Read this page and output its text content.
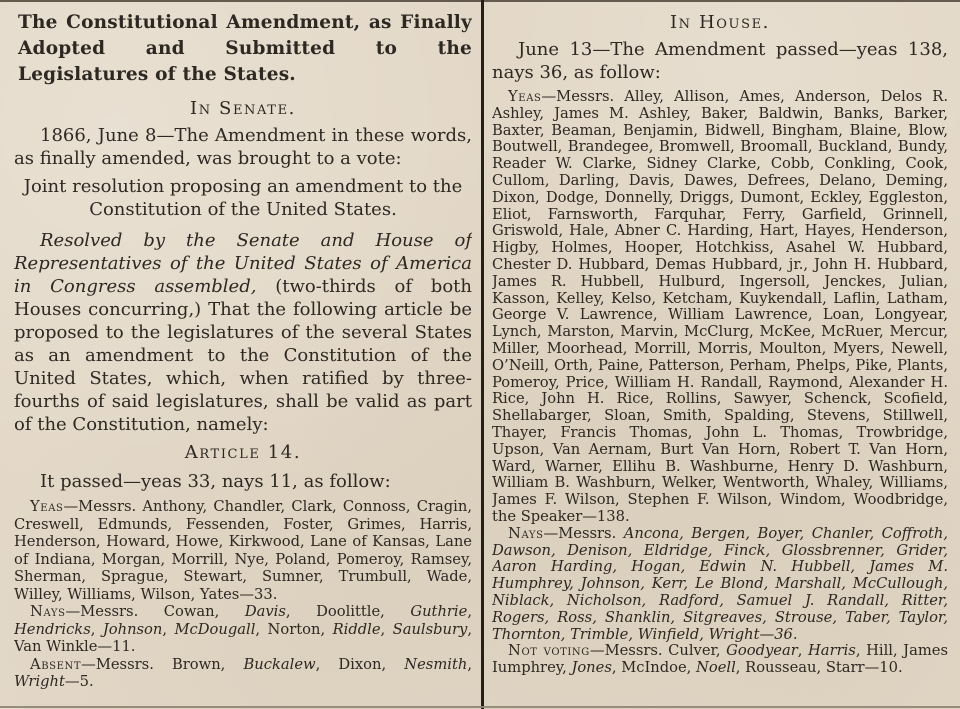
The Constitutional Amendment, as Finally Adopted and Submitted to the Legislatures of the States.
In Senate.

1866, June 8—The Amendment in these words, as finally amended, was brought to a vote:

Joint resolution proposing an amendment to the Constitution of the United States.

Resolved by the Senate and House of Representatives of the United States of America in Congress assembled, (two-thirds of both Houses concurring,) That the following article be proposed to the legislatures of the several States as an amendment to the Constitution of the United States, which, when ratified by three-fourths of said legislatures, shall be valid as part of the Constitution, namely:

Article 14.

It passed—yeas 33, nays 11, as follow:

Yeas—Messrs. Anthony, Chandler, Clark, Connoss, Cragin, Creswell, Edmunds, Fessenden, Foster, Grimes, Harris, Henderson, Howard, Howe, Kirkwood, Lane of Kansas, Lane of Indiana, Morgan, Morrill, Nye, Poland, Pomeroy, Ramsey, Sherman, Sprague, Stewart, Sumner, Trumbull, Wade, Willey, Williams, Wilson, Yates—33.

Nays—Messrs. Cowan, Davis, Doolittle, Guthrie, Hendricks, Johnson, McDougall, Norton, Riddle, Saulsbury, Van Winkle—11.

Absent—Messrs. Brown, Buckalew, Dixon, Nesmith, Wright—5.

In House.

June 13—The Amendment passed—yeas 138, nays 36, as follow:

Yeas—Messrs. Alley, Allison, Ames, Anderson, Delos R. Ashley, James M. Ashley, Baker, Baldwin, Banks, Barker, Baxter, Beaman, Benjamin, Bidwell, Bingham, Blaine, Blow, Boutwell, Brandegee, Bromwell, Broomall, Buckland, Bundy, Reader W. Clarke, Sidney Clarke, Cobb, Conkling, Cook, Cullom, Darling, Davis, Dawes, Defrees, Delano, Deming, Dixon, Dodge, Donnelly, Driggs, Dumont, Eckley, Eggleston, Eliot, Farnsworth, Farquhar, Ferry, Garfield, Grinnell, Griswold, Hale, Abner C. Harding, Hart, Hayes, Henderson, Higby, Holmes, Hooper, Hotchkiss, Asahel W. Hubbard, Chester D. Hubbard, Demas Hubbard, jr., John H. Hubbard, James R. Hubbell, Hulburd, Ingersoll, Jenckes, Julian, Kasson, Kelley, Kelso, Ketcham, Kuykendall, Laflin, Latham, George V. Lawrence, William Lawrence, Loan, Longyear, Lynch, Marston, Marvin, McClurg, McKee, McRuer, Mercur, Miller, Moorhead, Morrill, Morris, Moulton, Myers, Newell, O’Neill, Orth, Paine, Patterson, Perham, Phelps, Pike, Plants, Pomeroy, Price, William H. Randall, Raymond, Alexander H. Rice, John H. Rice, Rollins, Sawyer, Schenck, Scofield, Shellabarger, Sloan, Smith, Spalding, Stevens, Stillwell, Thayer, Francis Thomas, John L. Thomas, Trowbridge, Upson, Van Aernam, Burt Van Horn, Robert T. Van Horn, Ward, Warner, Ellihu B. Washburne, Henry D. Washburn, William B. Washburn, Welker, Wentworth, Whaley, Williams, James F. Wilson, Stephen F. Wilson, Windom, Woodbridge, the Speaker—138.

Nays—Messrs. Ancona, Bergen, Boyer, Chanler, Coffroth, Dawson, Denison, Eldridge, Finck, Glossbrenner, Grider, Aaron Harding, Hogan, Edwin N. Hubbell, James M. Humphrey, Johnson, Kerr, Le Blond, Marshall, McCullough, Niblack, Nicholson, Radford, Samuel J. Randall, Ritter, Rogers, Ross, Shanklin, Sitgreaves, Strouse, Taber, Taylor, Thornton, Trimble, Winfield, Wright—36.

Not voting—Messrs. Culver, Goodyear, Harris, Hill, James Iumphrey, Jones, McIndoe, Noell, Rousseau, Starr—10.
